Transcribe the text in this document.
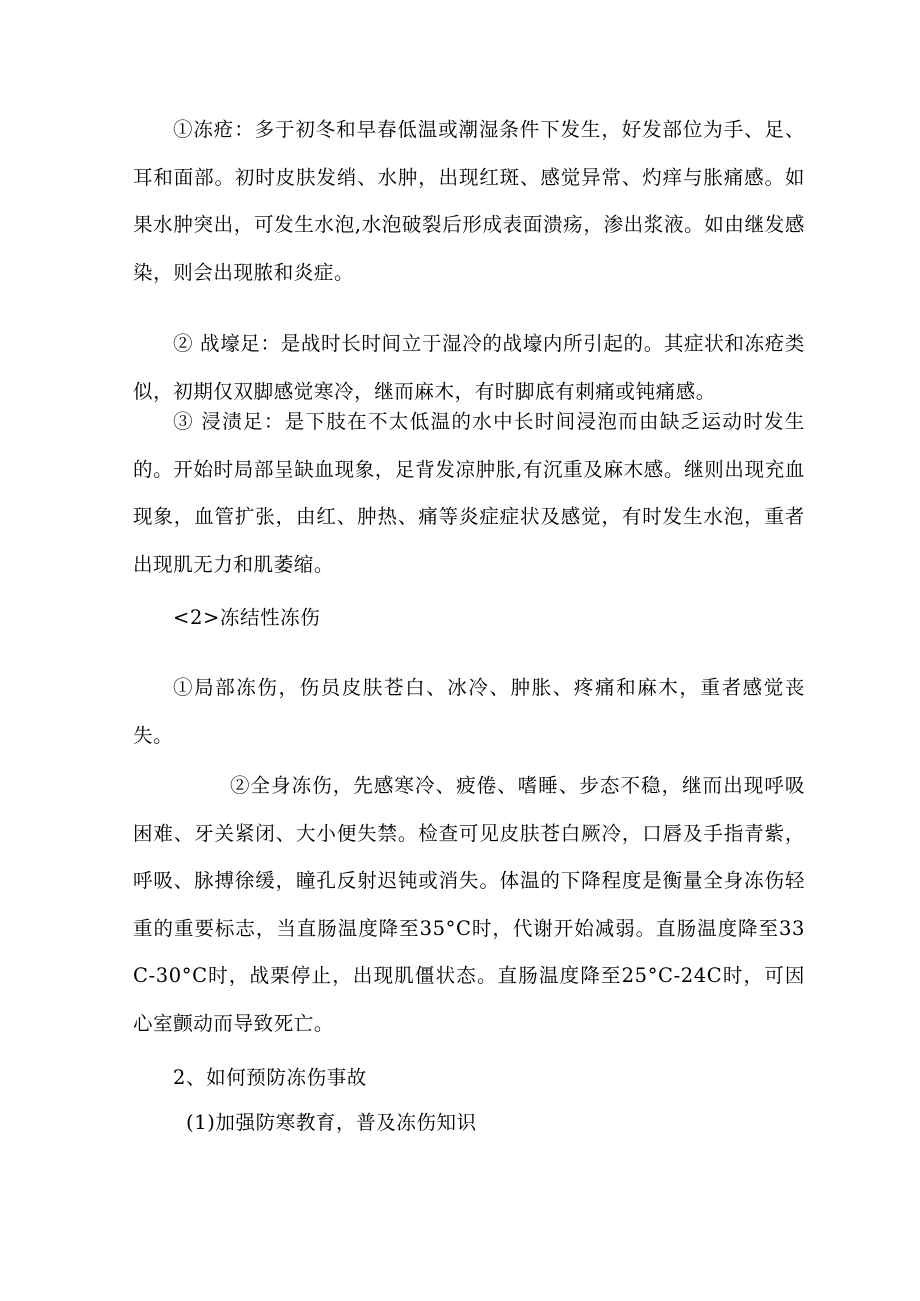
①冻疮：多于初冬和早春低温或潮湿条件下发生，好发部位为手、足、耳和面部。初时皮肤发绡、水肿，出现红斑、感觉异常、灼痒与胀痛感。如果水肿突出，可发生水泡,水泡破裂后形成表面溃疡，渗出浆液。如由继发感染，则会出现脓和炎症。

② 战壕足：是战时长时间立于湿冷的战壕内所引起的。其症状和冻疮类似，初期仅双脚感觉寒冷，继而麻木，有时脚底有刺痛或钝痛感。

③ 浸渍足：是下肢在不太低温的水中长时间浸泡而由缺乏运动时发生的。开始时局部呈缺血现象，足背发凉肿胀,有沉重及麻木感。继则出现充血现象，血管扩张，由红、肿热、痛等炎症症状及感觉，有时发生水泡，重者出现肌无力和肌萎缩。

<2>冻结性冻伤

①局部冻伤，伤员皮肤苍白、冰冷、肿胀、疼痛和麻木，重者感觉丧失。

②全身冻伤，先感寒冷、疲倦、嗜睡、步态不稳，继而出现呼吸困难、牙关紧闭、大小便失禁。检查可见皮肤苍白厥冷，口唇及手指青紫，呼吸、脉搏徐缓，瞳孔反射迟钝或消失。体温的下降程度是衡量全身冻伤轻重的重要标志，当直肠温度降至35°C时，代谢开始减弱。直肠温度降至33C-30°C时，战栗停止，出现肌僵状态。直肠温度降至25°C-24C时，可因心室颤动而导致死亡。

2、如何预防冻伤事故

(1)加强防寒教育，普及冻伤知识
